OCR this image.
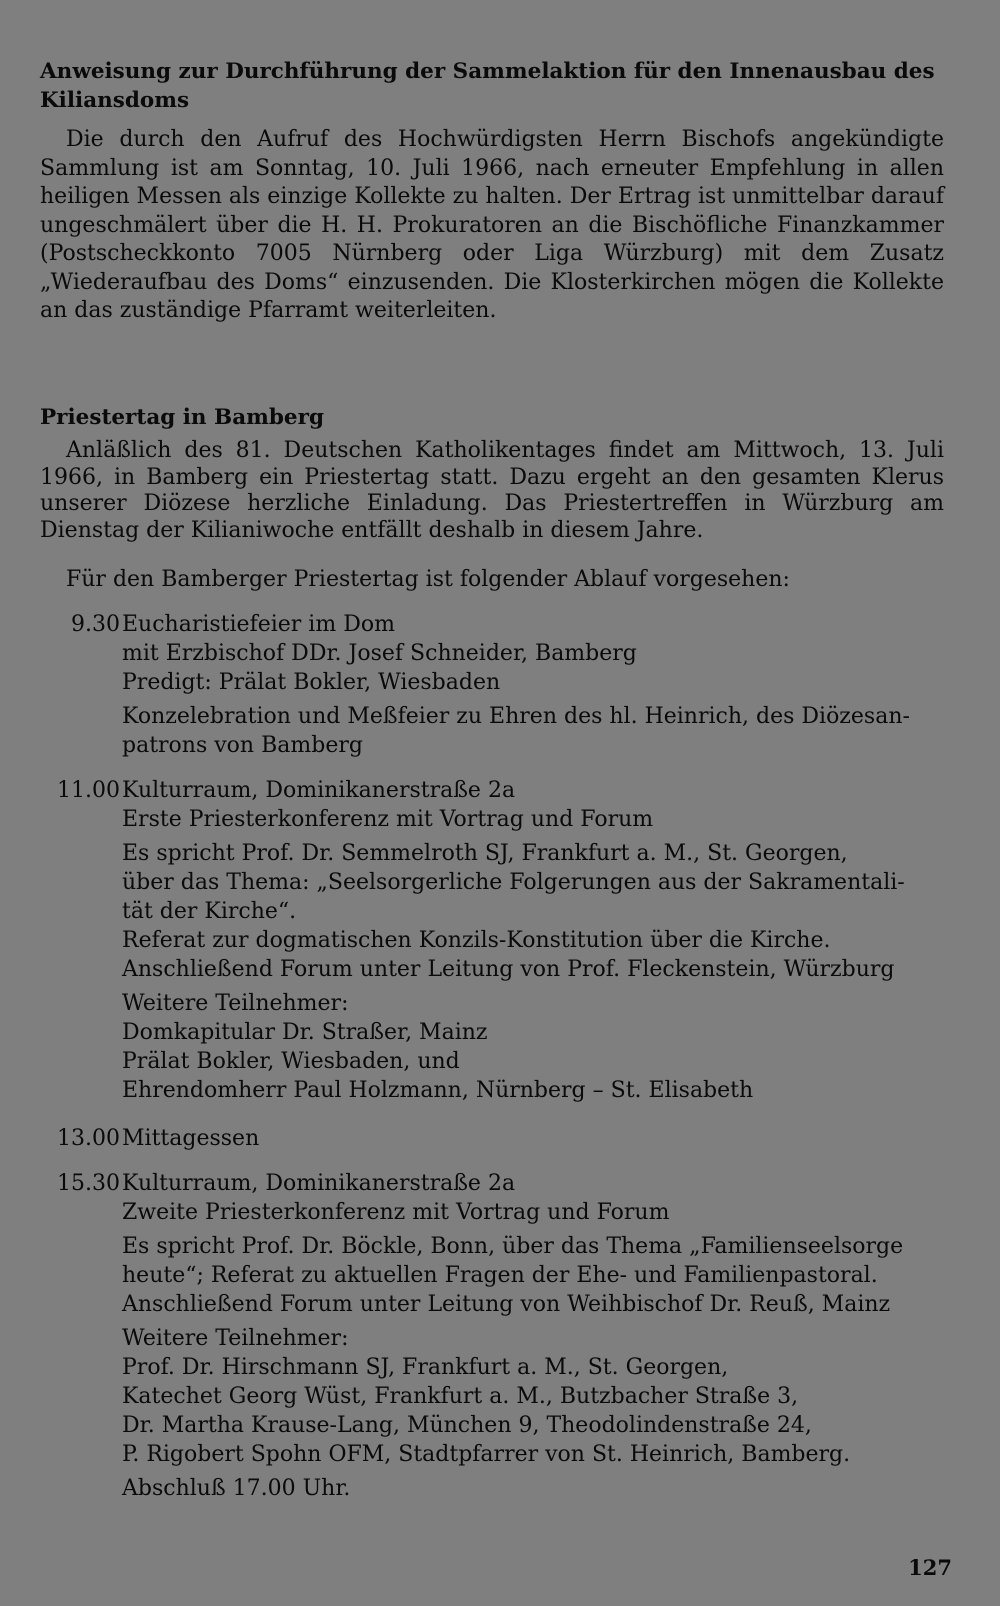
Anweisung zur Durchführung der Sammelaktion für den Innenausbau des
Kiliansdoms

Die durch den Aufruf des Hochwürdigsten Herrn Bischofs angekündigte Sammlung ist am Sonntag, 10. Juli 1966, nach erneuter Empfehlung in allen heiligen Messen als einzige Kollekte zu halten. Der Ertrag ist unmittelbar darauf ungeschmälert über die H. H. Prokuratoren an die Bischöfliche Finanzkammer (Postscheckkonto 7005 Nürnberg oder Liga Würzburg) mit dem Zusatz „Wiederaufbau des Doms“ einzusenden. Die Klosterkirchen mögen die Kollekte an das zuständige Pfarramt weiterleiten.

Priestertag in Bamberg

Anläßlich des 81. Deutschen Katholikentages findet am Mittwoch, 13. Juli 1966, in Bamberg ein Priestertag statt. Dazu ergeht an den gesamten Klerus unserer Diözese herzliche Einladung. Das Priestertreffen in Würzburg am Dienstag der Kilianiwoche entfällt deshalb in diesem Jahre.

Für den Bamberger Priestertag ist folgender Ablauf vorgesehen:

9.30 Eucharistiefeier im Dom

mit Erzbischof DDr. Josef Schneider, Bamberg

Predigt: Prälat Bokler, Wiesbaden

Konzelebration und Meßfeier zu Ehren des hl. Heinrich, des Diözesan-

patrons von Bamberg

11.00 Kulturraum, Dominikanerstraße 2a

Erste Priesterkonferenz mit Vortrag und Forum

Es spricht Prof. Dr. Semmelroth SJ, Frankfurt a. M., St. Georgen,

über das Thema: „Seelsorgerliche Folgerungen aus der Sakramentali-

tät der Kirche“.

Referat zur dogmatischen Konzils-Konstitution über die Kirche.

Anschließend Forum unter Leitung von Prof. Fleckenstein, Würzburg

Weitere Teilnehmer:

Domkapitular Dr. Straßer, Mainz

Prälat Bokler, Wiesbaden, und

Ehrendomherr Paul Holzmann, Nürnberg – St. Elisabeth

13.00 Mittagessen

15.30 Kulturraum, Dominikanerstraße 2a

Zweite Priesterkonferenz mit Vortrag und Forum

Es spricht Prof. Dr. Böckle, Bonn, über das Thema „Familienseelsorge

heute“; Referat zu aktuellen Fragen der Ehe- und Familienpastoral.

Anschließend Forum unter Leitung von Weihbischof Dr. Reuß, Mainz

Weitere Teilnehmer:

Prof. Dr. Hirschmann SJ, Frankfurt a. M., St. Georgen,

Katechet Georg Wüst, Frankfurt a. M., Butzbacher Straße 3,

Dr. Martha Krause-Lang, München 9, Theodolindenstraße 24,

P. Rigobert Spohn OFM, Stadtpfarrer von St. Heinrich, Bamberg.

Abschluß 17.00 Uhr.

127
